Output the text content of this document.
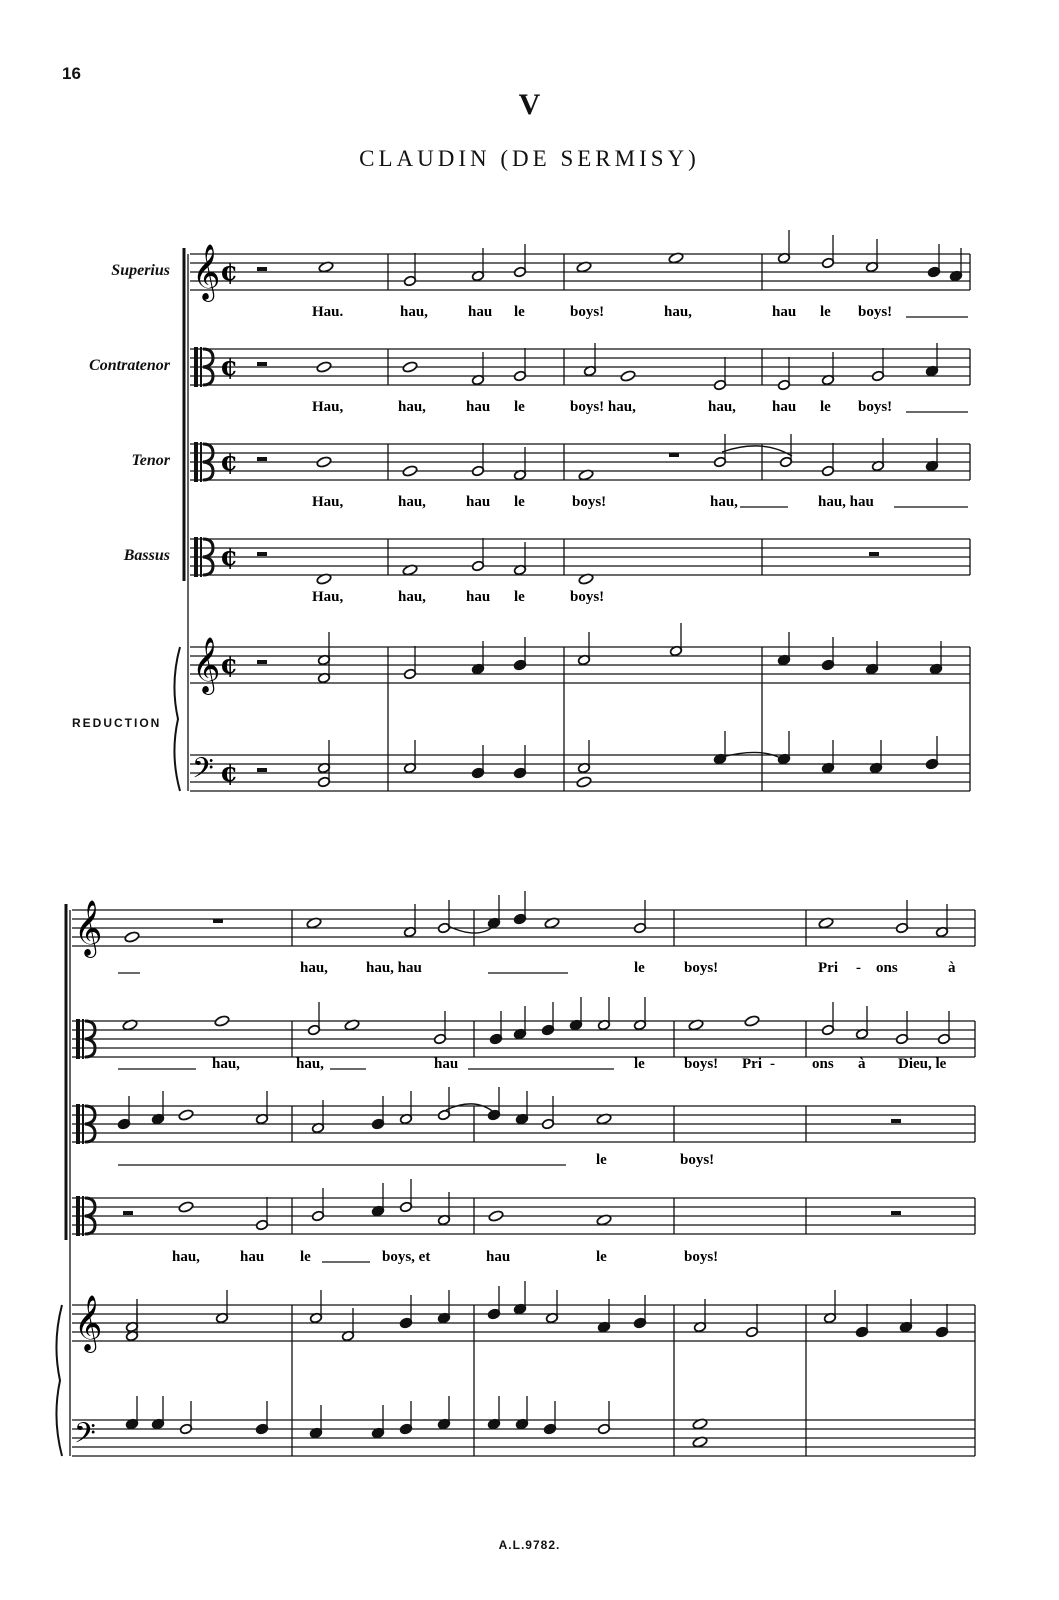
16
V
CLAUDIN (DE SERMISY)
Superius
Contratenor
Tenor
Bassus
REDUCTION
A.L.9782.
𝄞 ¢
¢
¢
¢
𝄞 ¢
𝄢 ¢
Hau.	hau,	hau le	boys!	hau,	hau le boys!
Hau,	hau,	hau le	boys! hau,	hau, hau le boys!
Hau,	hau,	hau le	boys!	hau,	hau, hau
Hau,	hau,	hau le	boys!
𝄞
𝄞
𝄢
hau,	hau, hau	le	boys!	Pri - ons	à
hau,	hau,	hau	le	boys! Pri - ons à Dieu, le
le	boys!
hau,	hau le	boys, et	hau	le	boys!
